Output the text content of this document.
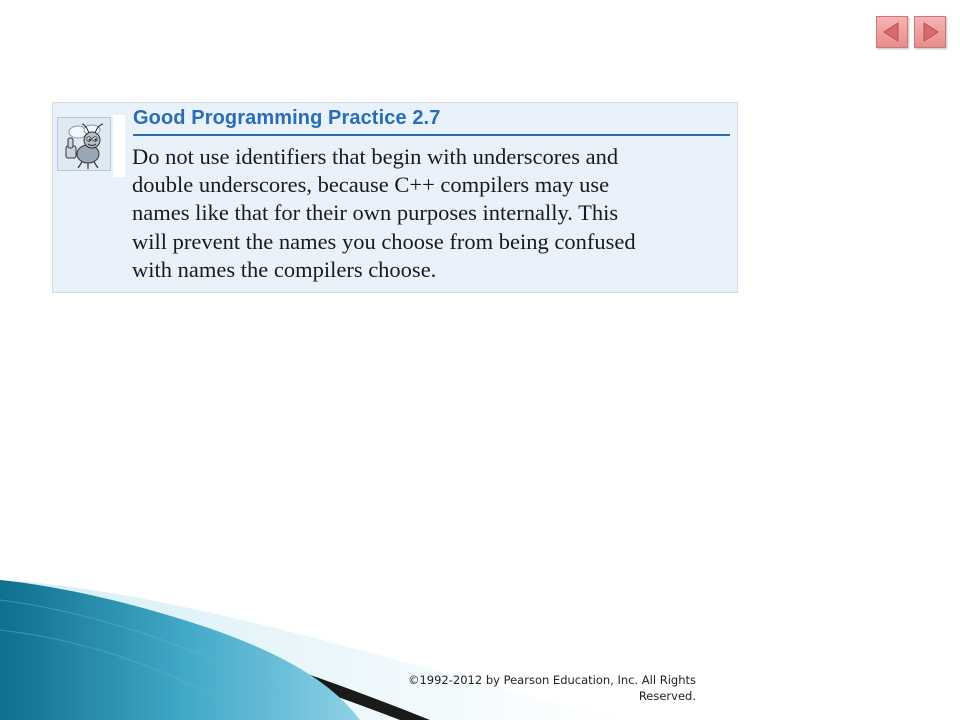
Good Programming Practice 2.7

Do not use identifiers that begin with underscores and
double underscores, because C++ compilers may use
names like that for their own purposes internally. This
will prevent the names you choose from being confused
with names the compilers choose.

©1992-2012 by Pearson Education, Inc. All Rights
Reserved.
